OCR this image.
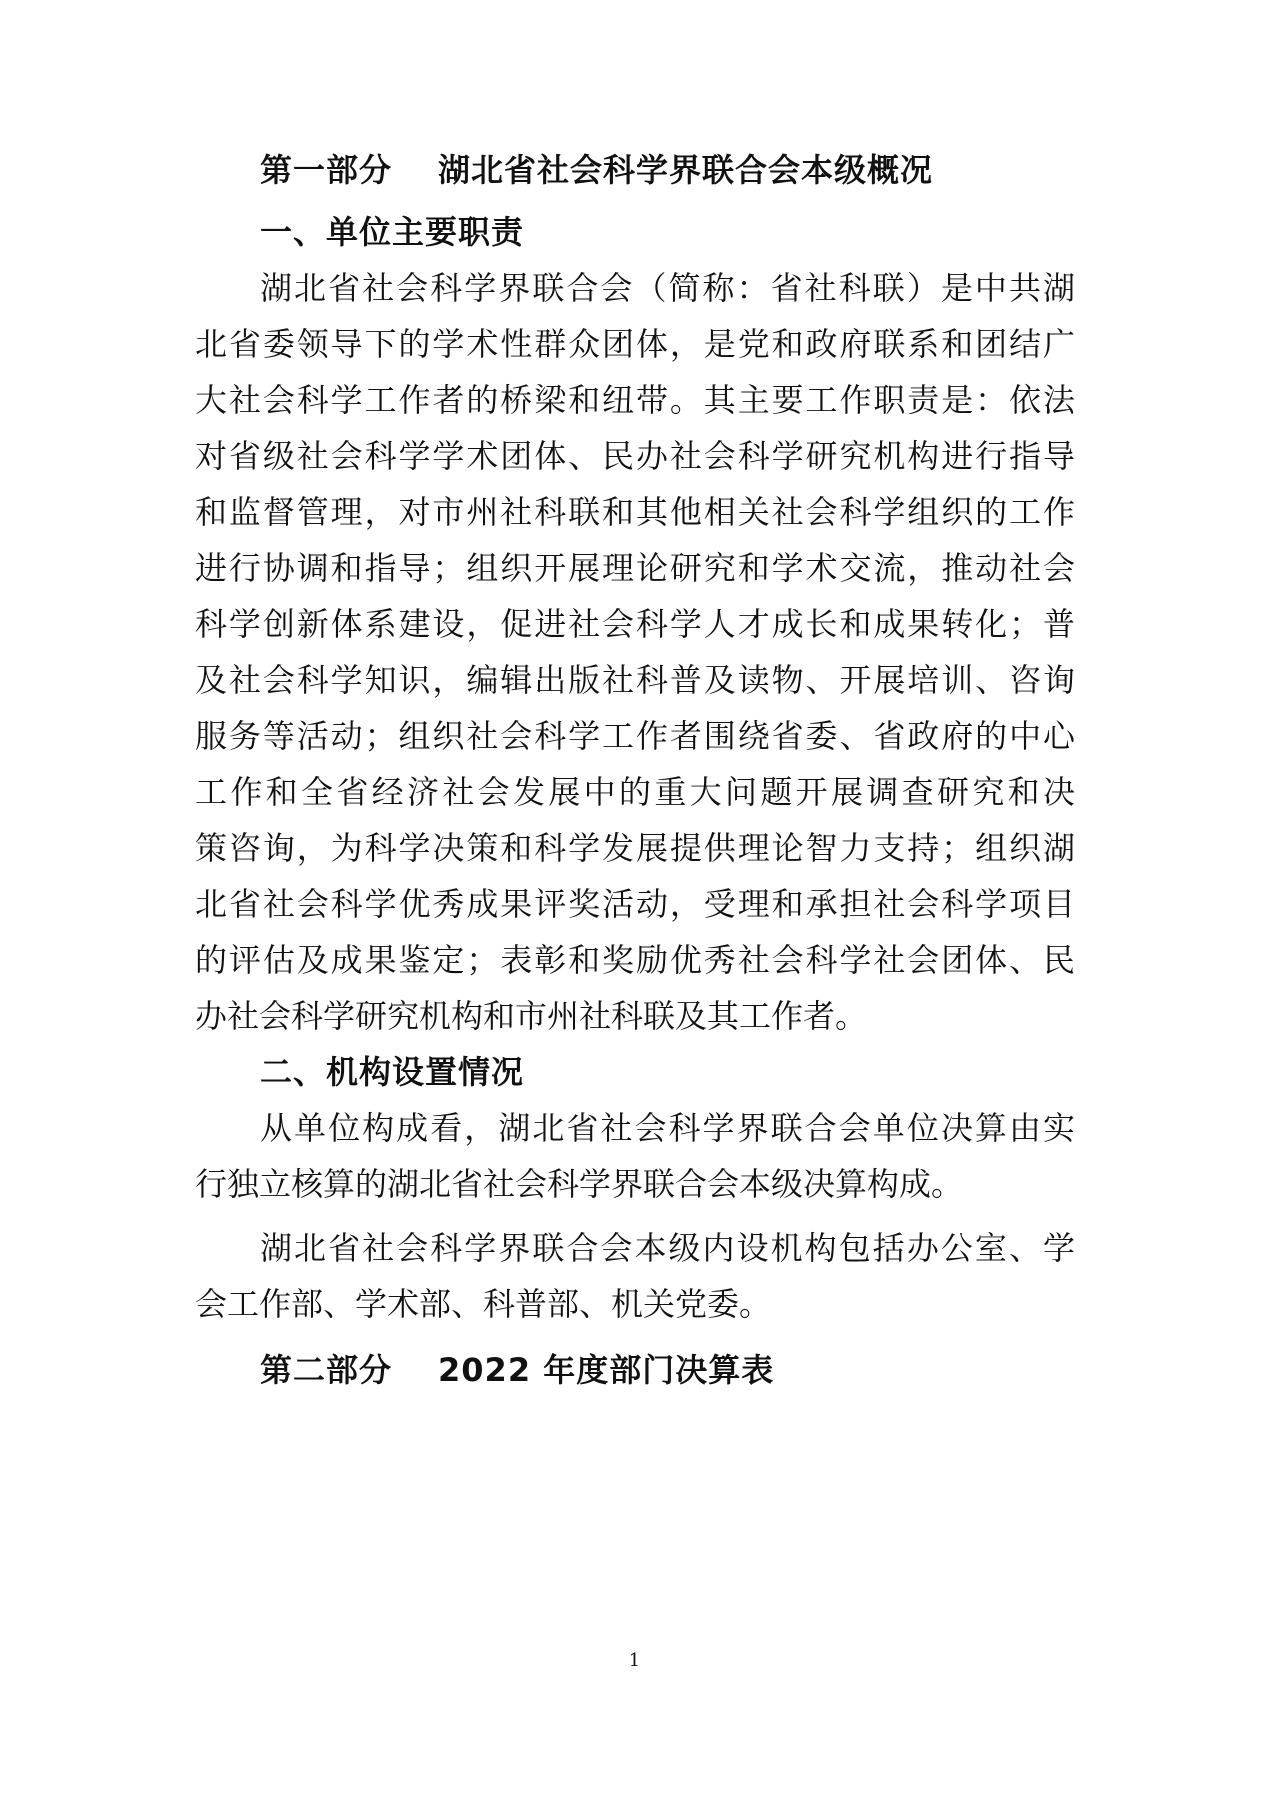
第一部分 湖北省社会科学界联合会本级概况
一、单位主要职责

湖北省社会科学界联合会（简称：省社科联）是中共湖

北省委领导下的学术性群众团体，是党和政府联系和团结广

大社会科学工作者的桥梁和纽带。其主要工作职责是：依法

对省级社会科学学术团体、民办社会科学研究机构进行指导

和监督管理，对市州社科联和其他相关社会科学组织的工作

进行协调和指导；组织开展理论研究和学术交流，推动社会

科学创新体系建设，促进社会科学人才成长和成果转化；普

及社会科学知识，编辑出版社科普及读物、开展培训、咨询

服务等活动；组织社会科学工作者围绕省委、省政府的中心

工作和全省经济社会发展中的重大问题开展调查研究和决

策咨询，为科学决策和科学发展提供理论智力支持；组织湖

北省社会科学优秀成果评奖活动，受理和承担社会科学项目

的评估及成果鉴定；表彰和奖励优秀社会科学社会团体、民

办社会科学研究机构和市州社科联及其工作者。

二、机构设置情况

从单位构成看，湖北省社会科学界联合会单位决算由实

行独立核算的湖北省社会科学界联合会本级决算构成。

湖北省社会科学界联合会本级内设机构包括办公室、学

会工作部、学术部、科普部、机关党委。

第二部分 2022 年度部门决算表
1
